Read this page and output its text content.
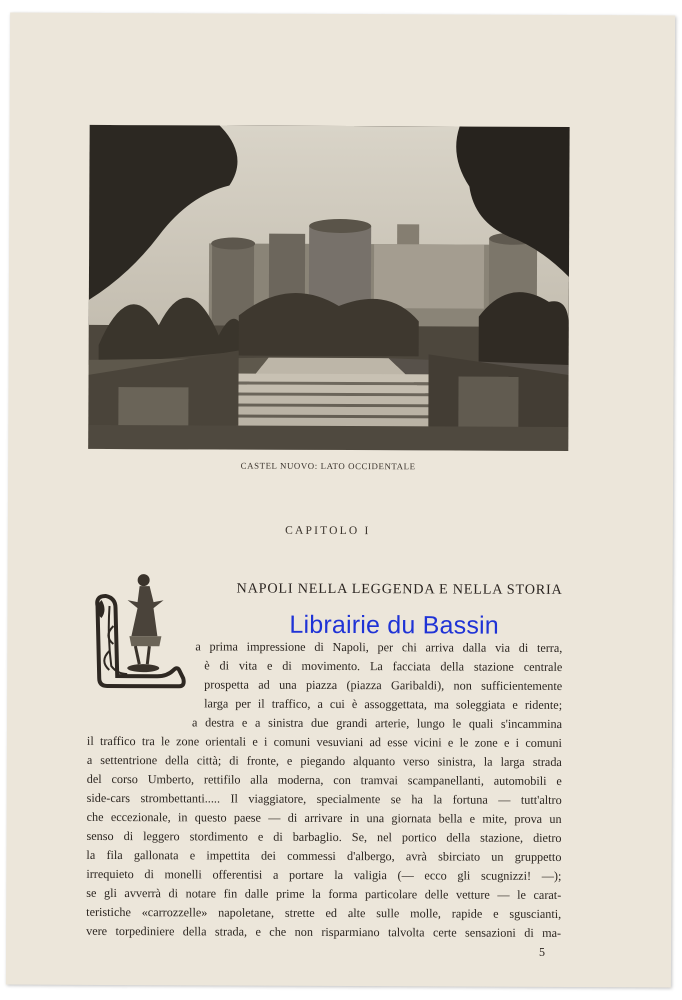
CASTEL NUOVO: LATO OCCIDENTALE
CAPITOLO I
NAPOLI NELLA LEGGENDA E NELLA STORIA
Librairie du Bassin
a prima impressione di Napoli, per chi arriva dalla via di terra,
è di vita e di movimento. La facciata della stazione centrale
prospetta ad una piazza (piazza Garibaldi), non sufficientemente
larga per il traffico, a cui è assoggettata, ma soleggiata e ridente;
a destra e a sinistra due grandi arterie, lungo le quali s'incammina
il traffico tra le zone orientali e i comuni vesuviani ad esse vicini e le zone e i comuni
a settentrione della città; di fronte, e piegando alquanto verso sinistra, la larga strada
del corso Umberto, rettifilo alla moderna, con tramvai scampanellanti, automobili e
side-cars strombettanti..... Il viaggiatore, specialmente se ha la fortuna — tutt'altro
che eccezionale, in questo paese — di arrivare in una giornata bella e mite, prova un
senso di leggero stordimento e di barbaglio. Se, nel portico della stazione, dietro
la fila gallonata e impettita dei commessi d'albergo, avrà sbirciato un gruppetto
irrequieto di monelli offerentisi a portare la valigia (— ecco gli scugnizzi! —);
se gli avverrà di notare fin dalle prime la forma particolare delle vetture — le carat-
teristiche «carrozzelle» napoletane, strette ed alte sulle molle, rapide e sguscianti,
vere torpediniere della strada, e che non risparmiano talvolta certe sensazioni di ma-
5
